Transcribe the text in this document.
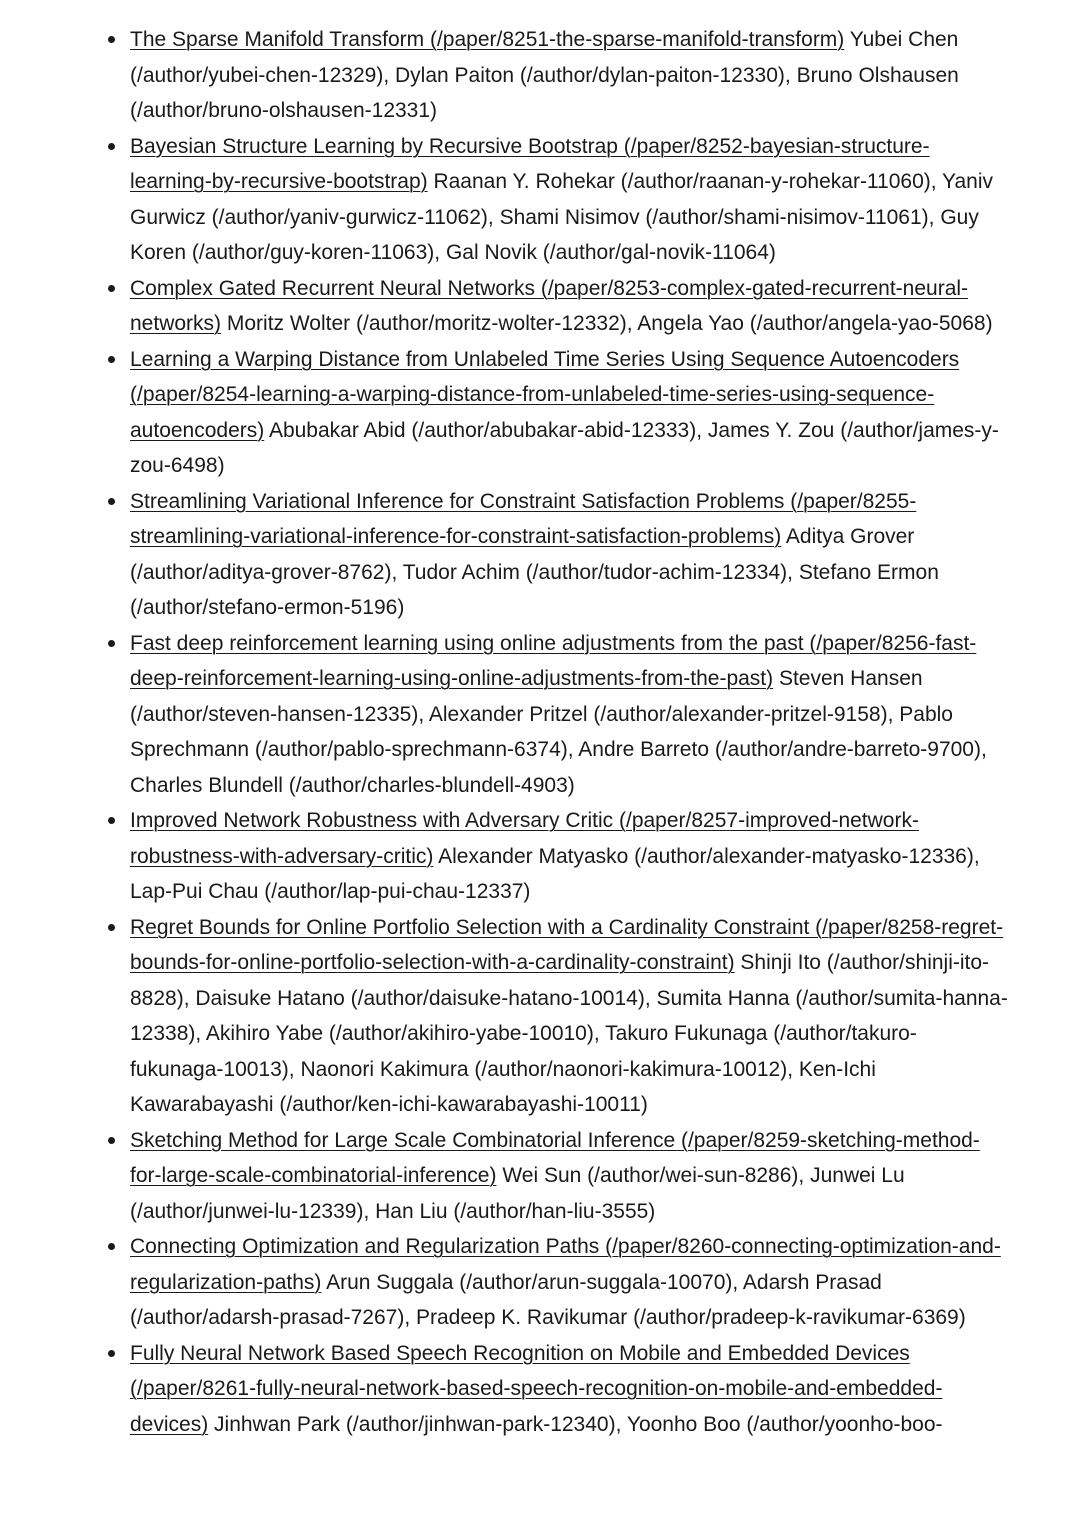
The Sparse Manifold Transform (/paper/8251-the-sparse-manifold-transform) Yubei Chen (/author/yubei-chen-12329), Dylan Paiton (/author/dylan-paiton-12330), Bruno Olshausen (/author/bruno-olshausen-12331)
Bayesian Structure Learning by Recursive Bootstrap (/paper/8252-bayesian-structure-learning-by-recursive-bootstrap) Raanan Y. Rohekar (/author/raanan-y-rohekar-11060), Yaniv Gurwicz (/author/yaniv-gurwicz-11062), Shami Nisimov (/author/shami-nisimov-11061), Guy Koren (/author/guy-koren-11063), Gal Novik (/author/gal-novik-11064)
Complex Gated Recurrent Neural Networks (/paper/8253-complex-gated-recurrent-neural-networks) Moritz Wolter (/author/moritz-wolter-12332), Angela Yao (/author/angela-yao-5068)
Learning a Warping Distance from Unlabeled Time Series Using Sequence Autoencoders (/paper/8254-learning-a-warping-distance-from-unlabeled-time-series-using-sequence-autoencoders) Abubakar Abid (/author/abubakar-abid-12333), James Y. Zou (/author/james-y-zou-6498)
Streamlining Variational Inference for Constraint Satisfaction Problems (/paper/8255-streamlining-variational-inference-for-constraint-satisfaction-problems) Aditya Grover (/author/aditya-grover-8762), Tudor Achim (/author/tudor-achim-12334), Stefano Ermon (/author/stefano-ermon-5196)
Fast deep reinforcement learning using online adjustments from the past (/paper/8256-fast-deep-reinforcement-learning-using-online-adjustments-from-the-past) Steven Hansen (/author/steven-hansen-12335), Alexander Pritzel (/author/alexander-pritzel-9158), Pablo Sprechmann (/author/pablo-sprechmann-6374), Andre Barreto (/author/andre-barreto-9700), Charles Blundell (/author/charles-blundell-4903)
Improved Network Robustness with Adversary Critic (/paper/8257-improved-network-robustness-with-adversary-critic) Alexander Matyasko (/author/alexander-matyasko-12336), Lap-Pui Chau (/author/lap-pui-chau-12337)
Regret Bounds for Online Portfolio Selection with a Cardinality Constraint (/paper/8258-regret-bounds-for-online-portfolio-selection-with-a-cardinality-constraint) Shinji Ito (/author/shinji-ito-8828), Daisuke Hatano (/author/daisuke-hatano-10014), Sumita Hanna (/author/sumita-hanna-12338), Akihiro Yabe (/author/akihiro-yabe-10010), Takuro Fukunaga (/author/takuro-fukunaga-10013), Naonori Kakimura (/author/naonori-kakimura-10012), Ken-Ichi Kawarabayashi (/author/ken-ichi-kawarabayashi-10011)
Sketching Method for Large Scale Combinatorial Inference (/paper/8259-sketching-method-for-large-scale-combinatorial-inference) Wei Sun (/author/wei-sun-8286), Junwei Lu (/author/junwei-lu-12339), Han Liu (/author/han-liu-3555)
Connecting Optimization and Regularization Paths (/paper/8260-connecting-optimization-and-regularization-paths) Arun Suggala (/author/arun-suggala-10070), Adarsh Prasad (/author/adarsh-prasad-7267), Pradeep K. Ravikumar (/author/pradeep-k-ravikumar-6369)
Fully Neural Network Based Speech Recognition on Mobile and Embedded Devices (/paper/8261-fully-neural-network-based-speech-recognition-on-mobile-and-embedded-devices) Jinhwan Park (/author/jinhwan-park-12340), Yoonho Boo (/author/yoonho-boo-
